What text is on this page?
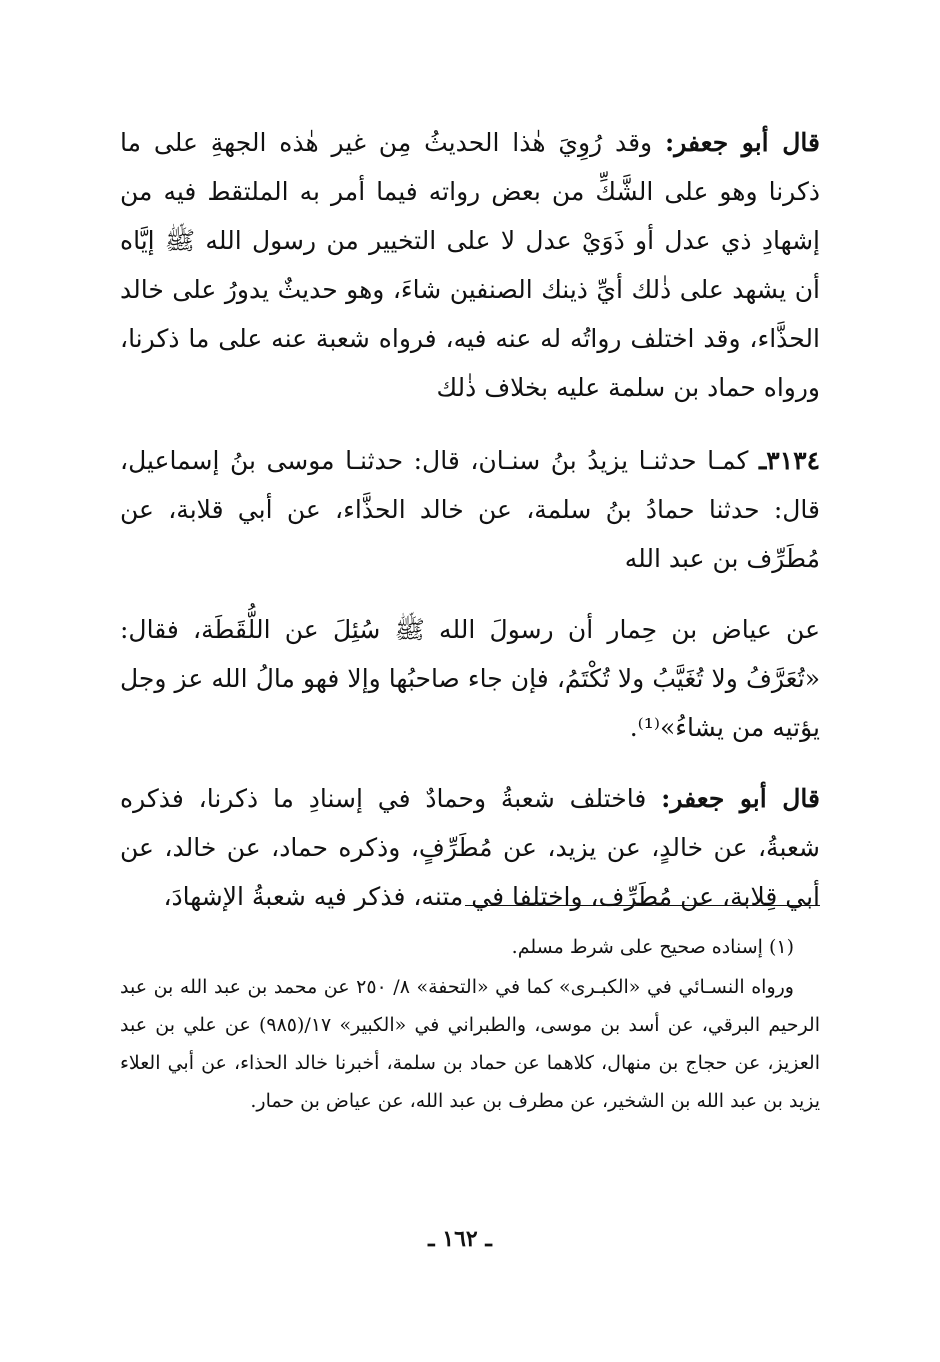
قال أبو جعفر: وقد رُوِيَ هٰذا الحديثُ مِن غير هٰذه الجهةِ على ما ذكرنا وهو على الشَّكِّ من بعض رواته فيما أمر به الملتقط فيه من إشهادِ ذي عدل أو ذَوَيْ عدل لا على التخيير من رسول الله ﷺ إيَّاه أن يشهد على ذٰلك أيِّ ذينك الصنفين شاءَ، وهو حديثٌ يدورُ على خالد الحذَّاء، وقد اختلف رواتُه له عنه فيه، فرواه شعبة عنه على ما ذكرنا، ورواه حماد بن سلمة عليه بخلاف ذٰلك

٣١٣٤ـ كمـا حدثنـا يزيدُ بنُ سنـان، قال: حدثنـا موسى بنُ إسماعيل، قال: حدثنا حمادُ بنُ سلمة، عن خالد الحذَّاء، عن أبي قلابة، عن مُطَرِّف بن عبد الله

عن عياض بن حِمار أن رسولَ الله ﷺ سُئِلَ عن اللُّقَطَة، فقال: «تُعَرَّفُ ولا تُغَيَّبُ ولا تُكْتَمُ، فإن جاء صاحبُها وإلا فهو مالُ الله عز وجل يؤتيه من يشاءُ»⁽¹⁾.

قال أبو جعفر: فاختلف شعبةُ وحمادٌ في إسنادِ ما ذكرنا، فذكره شعبةُ، عن خالدٍ، عن يزيد، عن مُطَرِّفٍ، وذكره حماد، عن خالد، عن أبي قِلابة، عن مُطَرِّف، واختلفا في متنه، فذكر فيه شعبةُ الإشهادَ،

(١) إسناده صحيح على شرط مسلم.

ورواه النسـائي في «الكبـرى» كما في «التحفة» ٨/ ٢٥٠ عن محمد بن عبد الله بن عبد الرحيم البرقي، عن أسد بن موسى، والطبراني في «الكبير» ١٧/(٩٨٥) عن علي بن عبد العزيز، عن حجاج بن منهال، كلاهما عن حماد بن سلمة، أخبرنا خالد الحذاء، عن أبي العلاء يزيد بن عبد الله بن الشخير، عن مطرف بن عبد الله، عن عياض بن حمار.

ـ ١٦٢ ـ
